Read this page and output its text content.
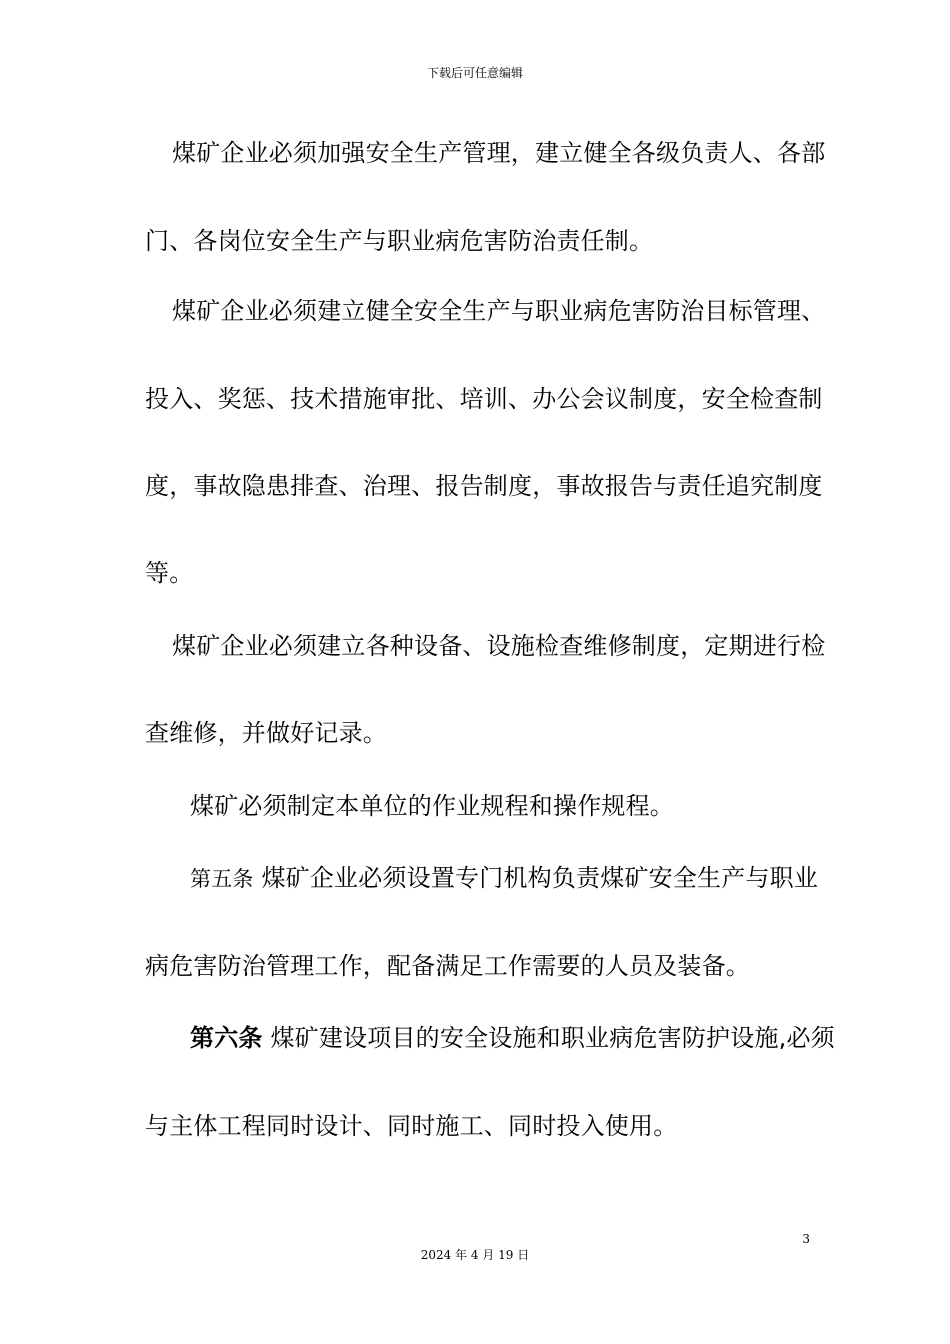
下载后可任意编辑
煤矿企业必须加强安全生产管理，建立健全各级负责人、各部
门、各岗位安全生产与职业病危害防治责任制。
煤矿企业必须建立健全安全生产与职业病危害防治目标管理、
投入、奖惩、技术措施审批、培训、办公会议制度，安全检查制
度，事故隐患排查、治理、报告制度，事故报告与责任追究制度
等。
煤矿企业必须建立各种设备、设施检查维修制度，定期进行检
查维修，并做好记录。
煤矿必须制定本单位的作业规程和操作规程。
第五条 煤矿企业必须设置专门机构负责煤矿安全生产与职业
病危害防治管理工作，配备满足工作需要的人员及装备。
第六条 煤矿建设项目的安全设施和职业病危害防护设施,必须
与主体工程同时设计、同时施工、同时投入使用。
3
2024 年 4 月 19 日
